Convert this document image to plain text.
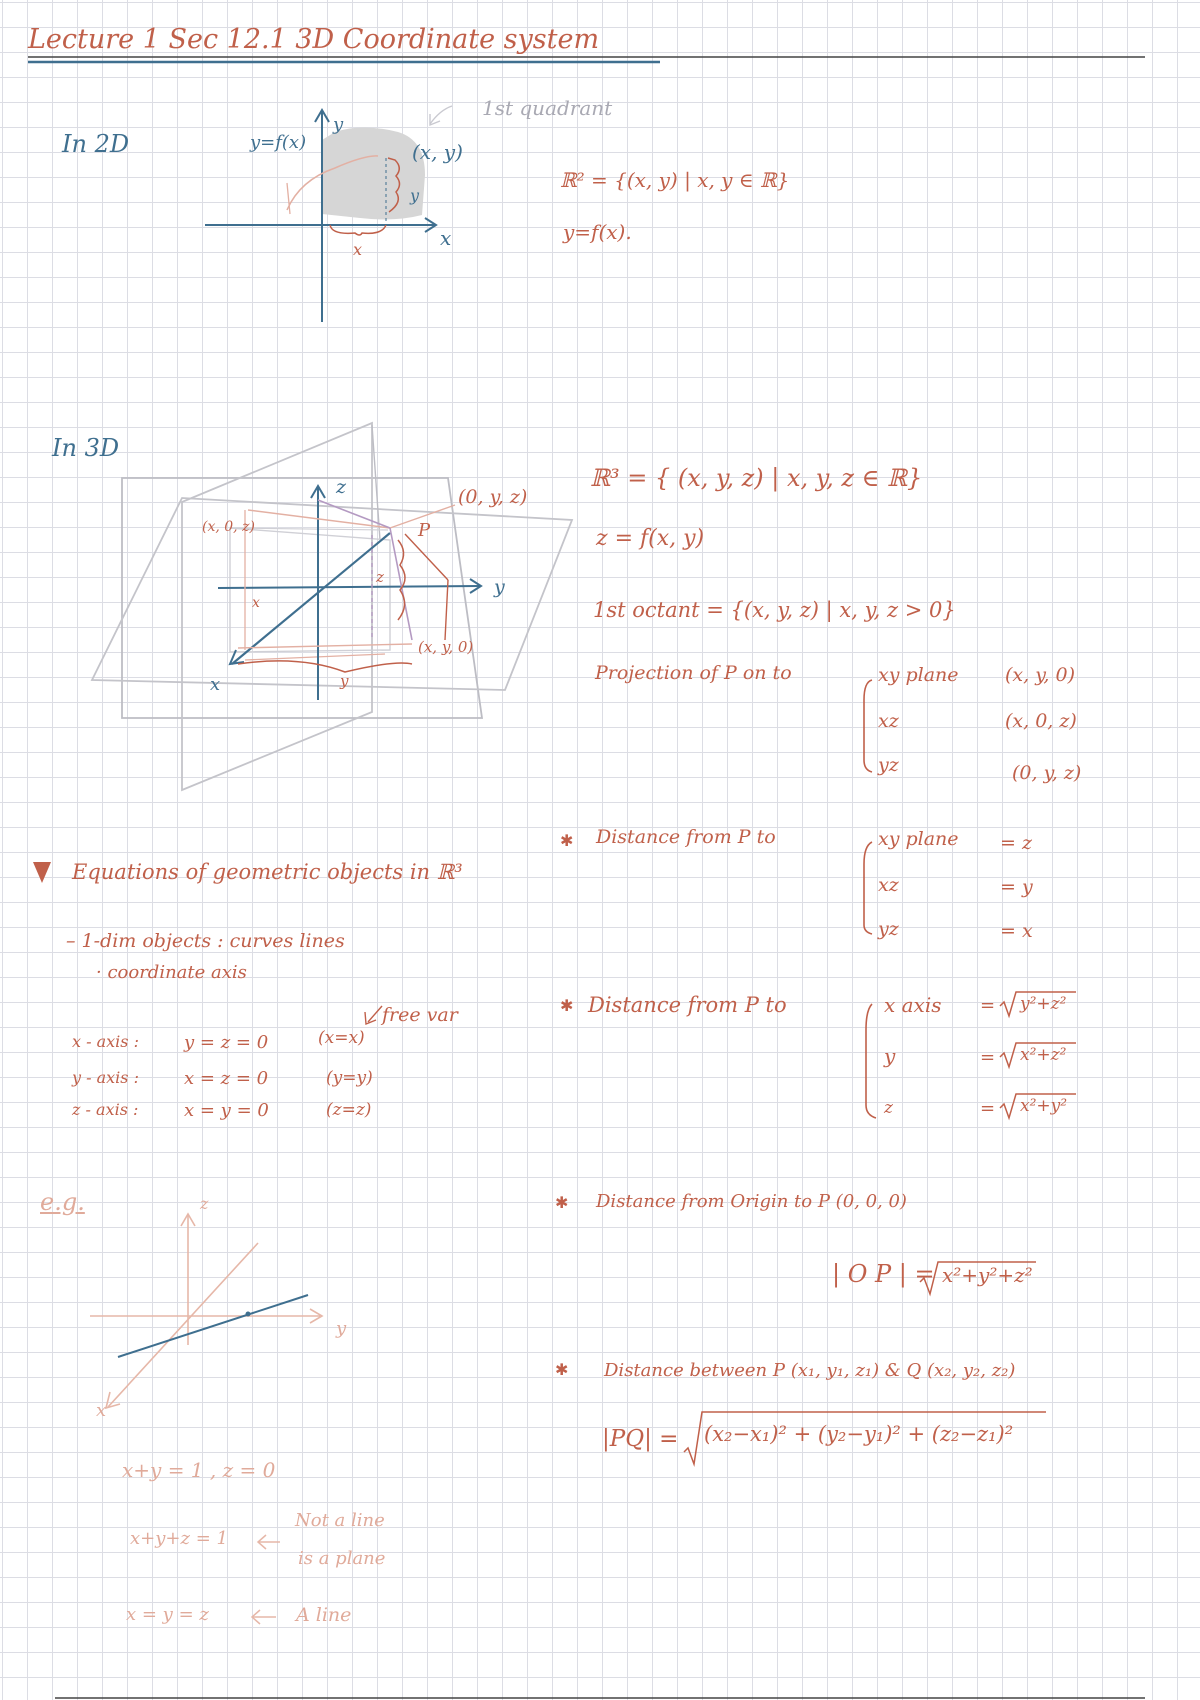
Lecture 1 Sec 12.1 3D Coordinate system
✱
✱
✱
✱
In 2D	y=f(x)
y
(x, y)
y
x
x
1st quadrant
ℝ² = {(x, y) | x, y ∈ ℝ}
y=f(x).
In 3D
z
y
x
P
(x, 0, z)
(0, y, z)
(x, y, 0)
z
y
x
ℝ³ = { (x, y, z) | x, y, z ∈ ℝ}
z = f(x, y)
1st octant = {(x, y, z) | x, y, z > 0}
Projection of P on to	xy plane (x, y, 0)
xz	(x, 0, z)
yz	(0, y, z)
Distance from P to	xy plane = z
xz	= y
yz	= x
Distance from P to	x axis = y²+z²
y	= x²+z²
z	= x²+y²
Distance from Origin to P (0, 0, 0)
| O P | = x²+y²+z²
Distance between P (x₁, y₁, z₁) & Q (x₂, y₂, z₂)
|PQ| = (x₂−x₁)² + (y₂−y₁)² + (z₂−z₁)²
Equations of geometric objects in ℝ³
– 1-dim objects : curves lines
· coordinate axis
free var
x - axis :	y = z = 0	(x=x)
y - axis :	x = z = 0	(y=y)
z - axis :	x = y = 0	(z=z)
e.g.	z
y
x
x+y = 1 , z = 0
x+y+z = 1
Not a line
is a plane
x = y = z	A line
